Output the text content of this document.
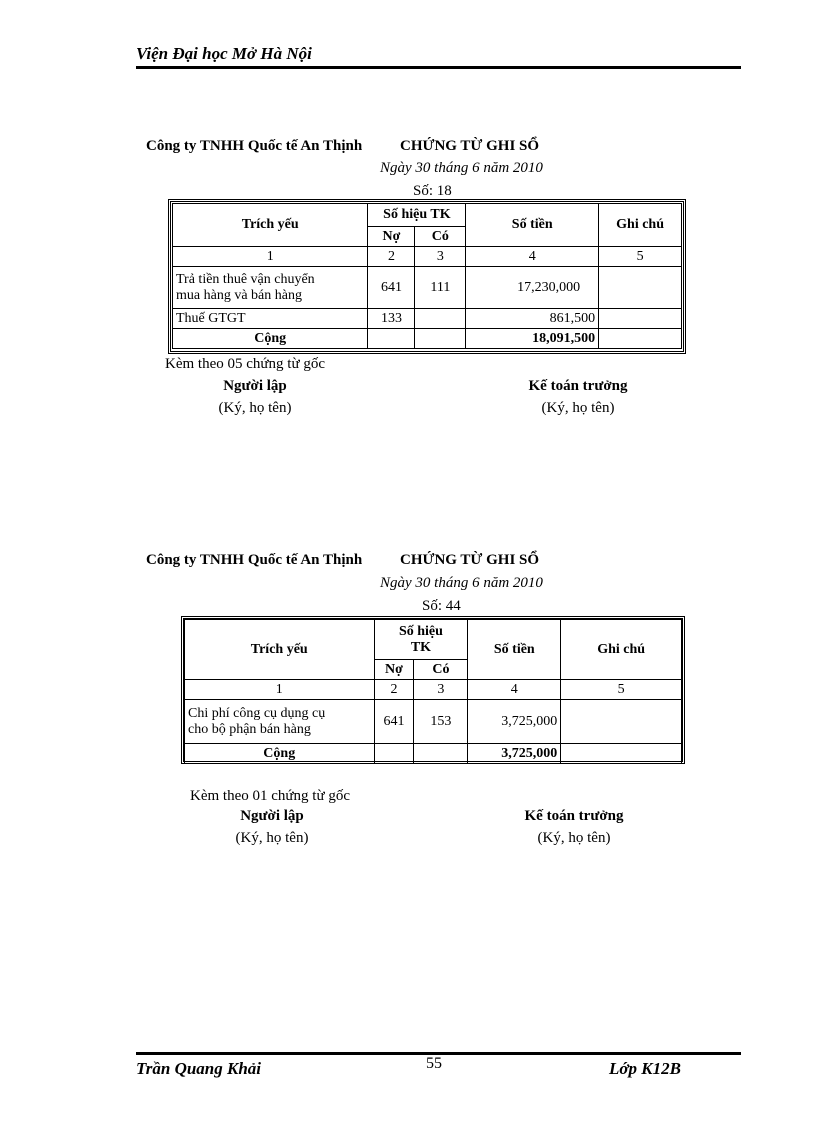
Viện Đại học Mở Hà Nội
Công ty TNHH Quốc tế An Thịnh	CHỨNG TỪ GHI SỔ
Ngày 30 tháng 6 năm 2010
Số: 18
Trích yếu	Số hiệu TK		Số tiền	Ghi chú
	Nợ	Có		
1	2	3	4	5

Trả tiền thuê vận chuyển
mua hàng và bán hàng	641	111	17,230,000	
Thuế GTGT	133		861,500	
Cộng			18,091,500	
Kèm theo 05 chứng từ gốc
Người lập
(Ký, họ tên)
Kế toán trưởng
(Ký, họ tên)
Công ty TNHH Quốc tế An Thịnh	CHỨNG TỪ GHI SỔ
Ngày 30 tháng 6 năm 2010
Số: 44
Trích yếu	Số hiệu
TK		Số tiền	Ghi chú
	Nợ	Có		
1	2	3	4	5

Chi phí công cụ dụng cụ
cho bộ phận bán hàng	641	153	3,725,000	
Cộng			3,725,000	
Kèm theo 01 chứng từ gốc
Người lập
(Ký, họ tên)
Kế toán trưởng
(Ký, họ tên)
Trần Quang Khải	55	Lớp K12B
